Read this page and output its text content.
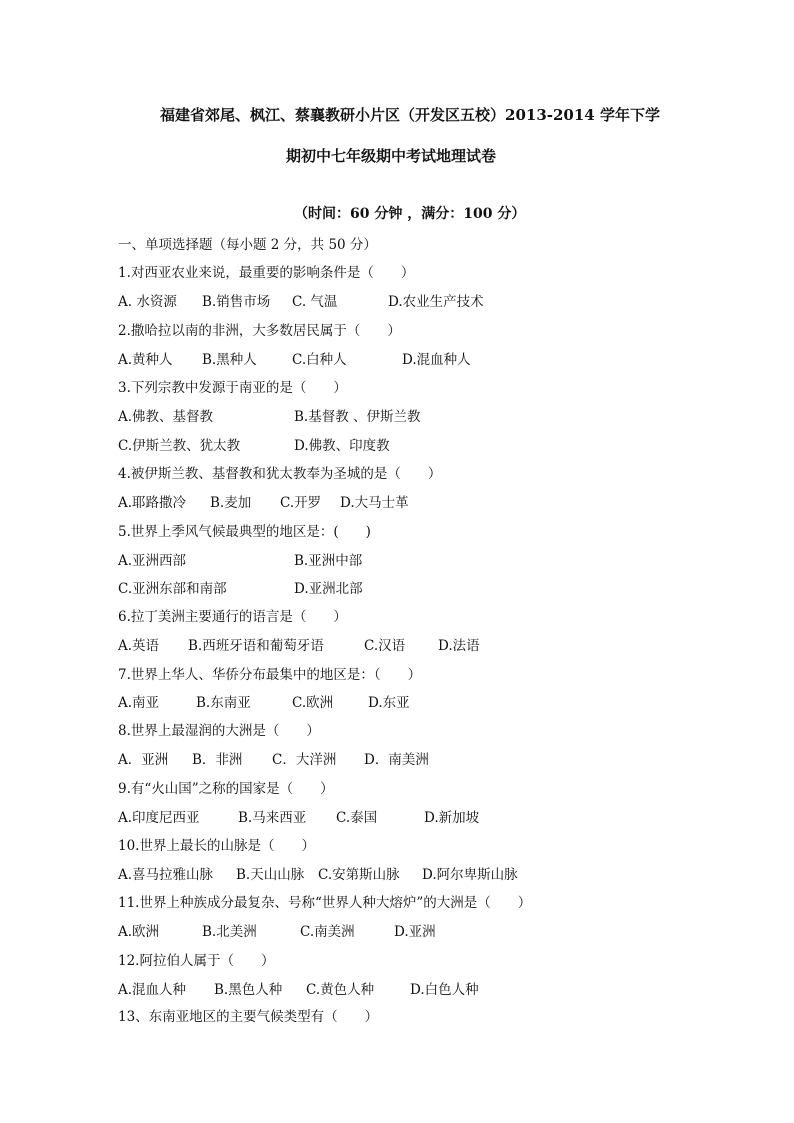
福建省郊尾、枫江、蔡襄教研小片区（开发区五校）2013-2014 学年下学
期初中七年级期中考试地理试卷
（时间：60 分钟 ，满分：100 分）
一、单项选择题（每小题 2 分，共 50 分）
1.对西亚农业来说，最重要的影响条件是（　　）
A. 水资源 B.销售市场 C. 气温	D.农业生产技术
2.撒哈拉以南的非洲，大多数居民属于（　　）
A.黄种人 B.黑种人	C.白种人	D.混血种人
3.下列宗教中发源于南亚的是（　　）
A.佛教、基督教	B.基督教 、伊斯兰教
C.伊斯兰教、犹太教	D.佛教、印度教
4.被伊斯兰教、基督教和犹太教奉为圣城的是（　　）
A.耶路撒冷 B.麦加 C.开罗 D.大马士革
5.世界上季风气候最典型的地区是：(　　)
A.亚洲西部	B.亚洲中部
C.亚洲东部和南部	D.亚洲北部
6.拉丁美洲主要通行的语言是（　　）
A.英语 B.西班牙语和葡萄牙语	C.汉语 D.法语
7.世界上华人、华侨分布最集中的地区是：（　　）
A.南亚	B.东南亚	C.欧洲	D.东亚
8.世界上最湿润的大洲是（　　）
A．亚洲 B．非洲 C．大洋洲 D．南美洲
9.有“火山国”之称的国家是（　　）
A.印度尼西亚	B.马来西亚 C.泰国	D.新加坡
10.世界上最长的山脉是（　　）
A.喜马拉雅山脉 B.天山山脉 C.安第斯山脉 D.阿尔卑斯山脉
11.世界上种族成分最复杂、号称“世界人种大熔炉”的大洲是（　　）
A.欧洲	B.北美洲	C.南美洲	D.亚洲
12.阿拉伯人属于（　　）
A.混血人种 B.黑色人种 C.黄色人种	D.白色人种
13、东南亚地区的主要气候类型有（　　）
